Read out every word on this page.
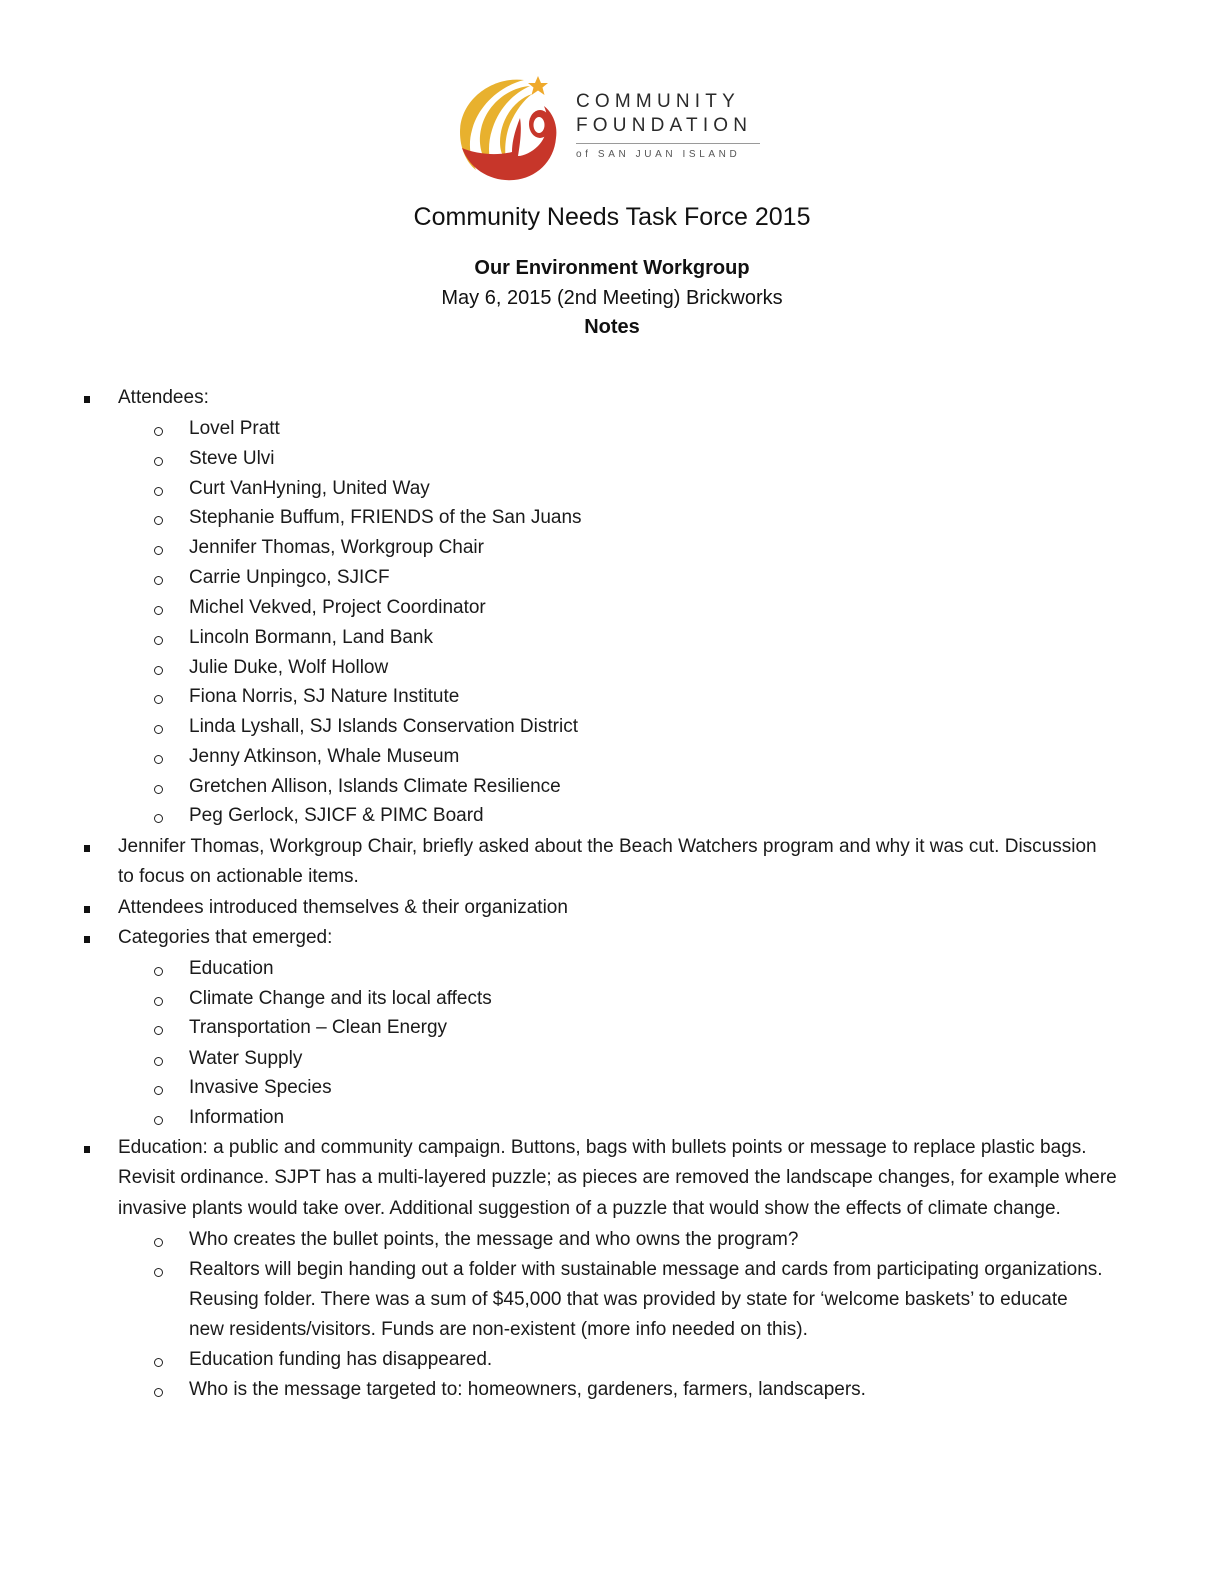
COMMUNITY
FOUNDATION
of SAN JUAN ISLAND
Community Needs Task Force 2015
Our Environment Workgroup
May 6, 2015 (2nd Meeting) Brickworks
Notes
Attendees:
Lovel Pratt
Steve Ulvi
Curt VanHyning, United Way
Stephanie Buffum, FRIENDS of the San Juans
Jennifer Thomas, Workgroup Chair
Carrie Unpingco, SJICF
Michel Vekved, Project Coordinator
Lincoln Bormann, Land Bank
Julie Duke, Wolf Hollow
Fiona Norris, SJ Nature Institute
Linda Lyshall, SJ Islands Conservation District
Jenny Atkinson, Whale Museum
Gretchen Allison, Islands Climate Resilience
Peg Gerlock, SJICF & PIMC Board
Jennifer Thomas, Workgroup Chair, briefly asked about the Beach Watchers program and why it was cut. Discussion
to focus on actionable items.
Attendees introduced themselves & their organization
Categories that emerged:
Education
Climate Change and its local affects
Transportation – Clean Energy
Water Supply
Invasive Species
Information
Education: a public and community campaign. Buttons, bags with bullets points or message to replace plastic bags.
Revisit ordinance. SJPT has a multi-layered puzzle; as pieces are removed the landscape changes, for example where
invasive plants would take over. Additional suggestion of a puzzle that would show the effects of climate change.
Who creates the bullet points, the message and who owns the program?
Realtors will begin handing out a folder with sustainable message and cards from participating organizations.
Reusing folder. There was a sum of $45,000 that was provided by state for ‘welcome baskets’ to educate
new residents/visitors. Funds are non-existent (more info needed on this).
Education funding has disappeared.
Who is the message targeted to: homeowners, gardeners, farmers, landscapers.
